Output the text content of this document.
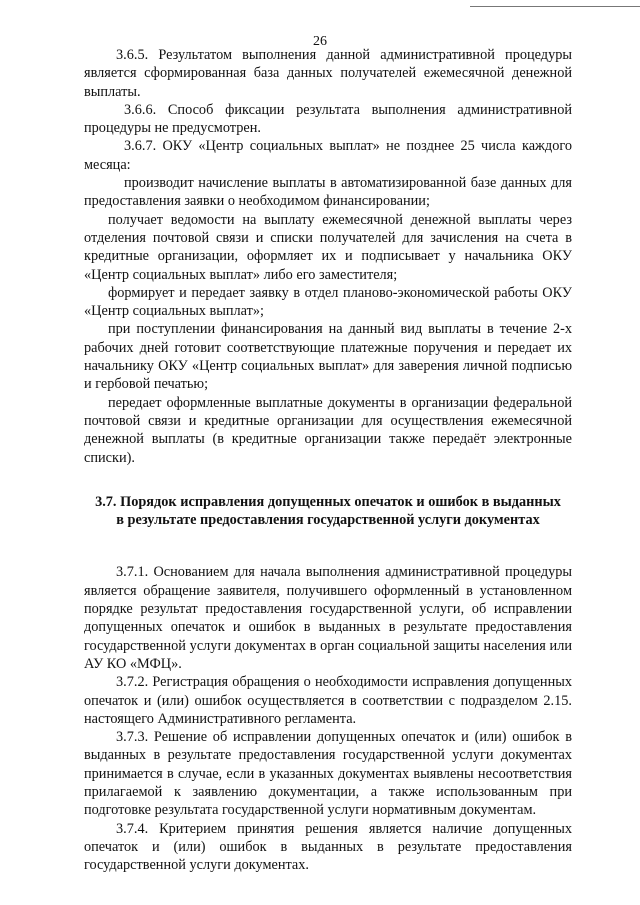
26

3.6.5. Результатом выполнения данной административной процедуры является сформированная база данных получателей ежемесячной денежной выплаты.

3.6.6. Способ фиксации результата выполнения административной процедуры не предусмотрен.

3.6.7. ОКУ «Центр социальных выплат» не позднее 25 числа каждого месяца:

производит начисление выплаты в автоматизированной базе данных для предоставления заявки о необходимом финансировании;

получает ведомости на выплату ежемесячной денежной выплаты через отделения почтовой связи и списки получателей для зачисления на счета в кредитные организации, оформляет их и подписывает у начальника ОКУ «Центр социальных выплат» либо его заместителя;

формирует и передает заявку в отдел планово-экономической работы ОКУ «Центр социальных выплат»;

при поступлении финансирования на данный вид выплаты в течение 2-х рабочих дней готовит соответствующие платежные поручения и передает их начальнику ОКУ «Центр социальных выплат» для заверения личной подписью и гербовой печатью;

передает оформленные выплатные документы в организации федеральной почтовой связи и кредитные организации для осуществления ежемесячной денежной выплаты (в кредитные организации также передаёт электронные списки).

3.7. Порядок исправления допущенных опечаток и ошибок в выданных в результате предоставления государственной услуги документах

3.7.1. Основанием для начала выполнения административной процедуры является обращение заявителя, получившего оформленный в установленном порядке результат предоставления государственной услуги, об исправлении допущенных опечаток и ошибок в выданных в результате предоставления государственной услуги документах в орган социальной защиты населения или АУ КО «МФЦ».

3.7.2. Регистрация обращения о необходимости исправления допущенных опечаток и (или) ошибок осуществляется в соответствии с подразделом 2.15. настоящего Административного регламента.

3.7.3. Решение об исправлении допущенных опечаток и (или) ошибок в выданных в результате предоставления государственной услуги документах принимается в случае, если в указанных документах выявлены несоответствия прилагаемой к заявлению документации, а также использованным при подготовке результата государственной услуги нормативным документам.

3.7.4. Критерием принятия решения является наличие допущенных опечаток и (или) ошибок в выданных в результате предоставления государственной услуги документах.
